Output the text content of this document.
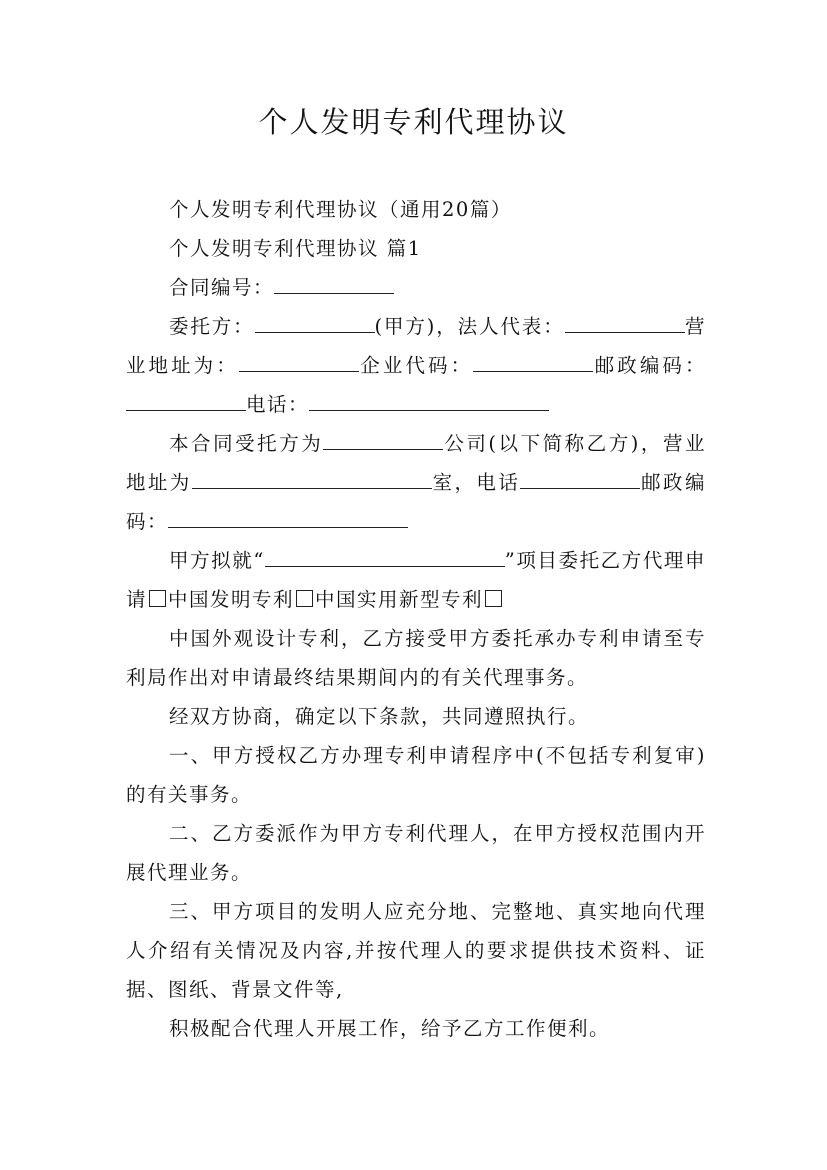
个人发明专利代理协议

个人发明专利代理协议（通用20篇）

个人发明专利代理协议 篇1

合同编号：

委托方：	(甲方)，法人代表：	营业地址为：	企业代码：	邮政编码：电话：

本合同受托方为	公司(以下简称乙方)，营业地址为	室，电话	邮政编码：

甲方拟就“	”项目委托乙方代理申请 中国发明专利 中国实用新型专利

中国外观设计专利，乙方接受甲方委托承办专利申请至专利局作出对申请最终结果期间内的有关代理事务。

经双方协商，确定以下条款，共同遵照执行。

一、甲方授权乙方办理专利申请程序中(不包括专利复审)的有关事务。

二、乙方委派作为甲方专利代理人，在甲方授权范围内开展代理业务。

三、甲方项目的发明人应充分地、完整地、真实地向代理人介绍有关情况及内容,并按代理人的要求提供技术资料、证据、图纸、背景文件等,

积极配合代理人开展工作，给予乙方工作便利。
